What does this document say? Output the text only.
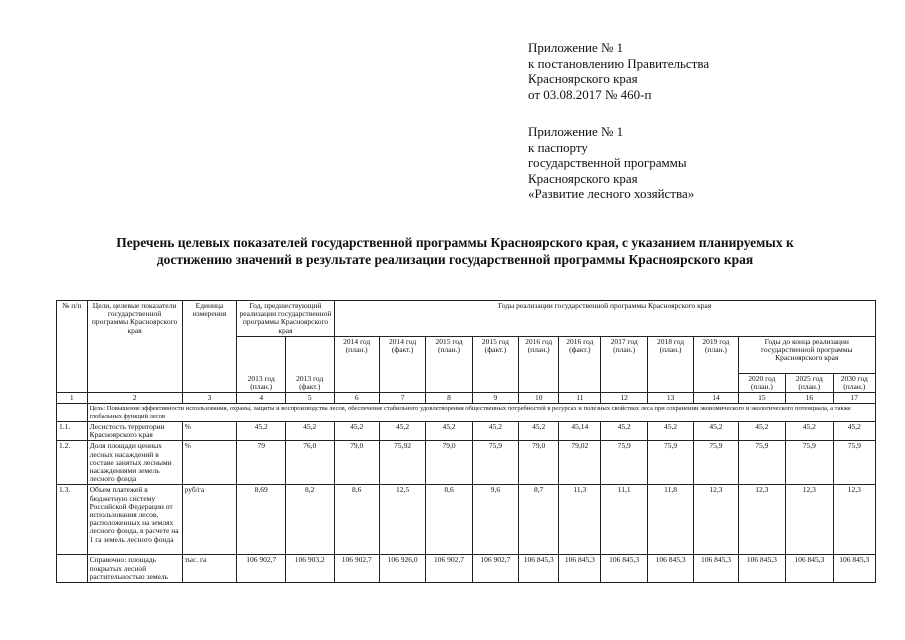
Приложение № 1
к постановлению Правительства
Красноярского края
от 03.08.2017 № 460-п
Приложение № 1
к паспорту
государственной программы
Красноярского края
«Развитие лесного хозяйства»
Перечень целевых показателей государственной программы Красноярского края, с указанием планируемых к
достижению значений в результате реализации государственной программы Красноярского края
№ п/п	Цели, целевые показатели государственной программы Красноярского края	Единица измерения	Год, предшествующий реализации государственной программы Красноярского края		Годы реализации государственной программы Красноярского края											
			2013 год (план.)	2013 год (факт.)	2014 год (план.)	2014 год (факт.)	2015 год (план.)	2015 год (факт.)	2016 год (план.)	2016 год (факт.)	2017 год (план.)	2018 год (план.)	2019 год (план.)	Годы до конца реализации государственной программы Красноярского края		
														2020 год (план.)	2025 год (план.)	2030 год (план.)
1	2	3	4	5	6	7	8	9	10	11	12	13	14	15	16	17
	Цель: Повышение эффективности использования, охраны, защиты и воспроизводства лесов, обеспечение стабильного удовлетворения общественных потребностей в ресурсах и полезных свойствах леса при сохранении экономического и экологического потенциала, а также глобальных функций лесов															
1.1.	Лесистость территории Красноярского края	%	45,2	45,2	45,2	45,2	45,2	45,2	45,2	45,14	45,2	45,2	45,2	45,2	45,2	45,2
1.2.	Доля площади ценных лесных насаждений в составе занятых лесными насаждениями земель лесного фонда	%	79	76,0	79,0	75,92	79,0	75,9	79,0	79,02	75,9	75,9	75,9	75,9	75,9	75,9
1.3.	Объем платежей в бюджетную систему Российской Федерации от использования лесов, расположенных на землях лесного фонда, в расчете на 1 га земель лесного фонда	руб/га	8,69	8,2	8,6	12,5	8,6	9,6	8,7	11,3	11,1	11,8	12,3	12,3	12,3	12,3
	Справочно: площадь покрытых лесной растительностью земель	тыс. га	106 902,7	106 903,2	106 902,7	106 926,0	106 902,7	106 902,7	106 845,3	106 845,3	106 845,3	106 845,3	106 845,3	106 845,3	106 845,3	106 845,3
